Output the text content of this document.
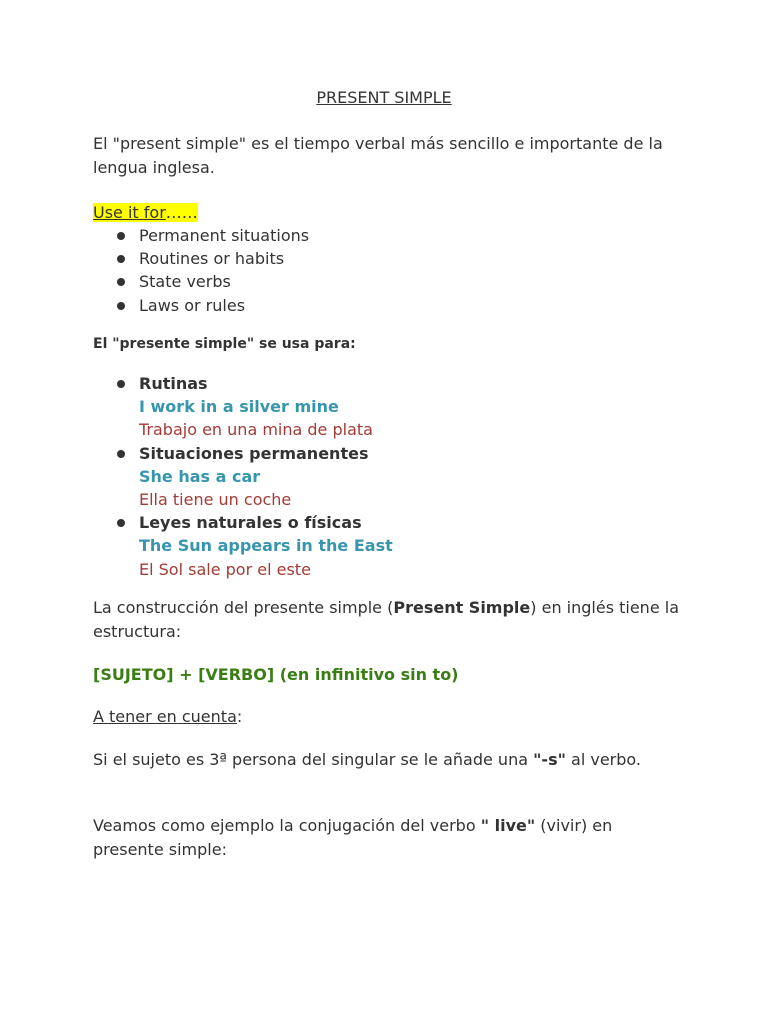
PRESENT SIMPLE

El "present simple" es el tiempo verbal más sencillo e importante de la lengua inglesa.

Use it for……

Permanent situations
Routines or habits
State verbs
Laws or rules

El "presente simple" se usa para:

Rutinas
I work in a silver mine
Trabajo en una mina de plata
Situaciones permanentes
She has a car
Ella tiene un coche
Leyes naturales o físicas
The Sun appears in the East
El Sol sale por el este

La construcción del presente simple (Present Simple) en inglés tiene la estructura:

[SUJETO] + [VERBO] (en infinitivo sin to)

A tener en cuenta:

Si el sujeto es 3ª persona del singular se le añade una "-s" al verbo.

Veamos como ejemplo la conjugación del verbo " live" (vivir) en presente simple:
